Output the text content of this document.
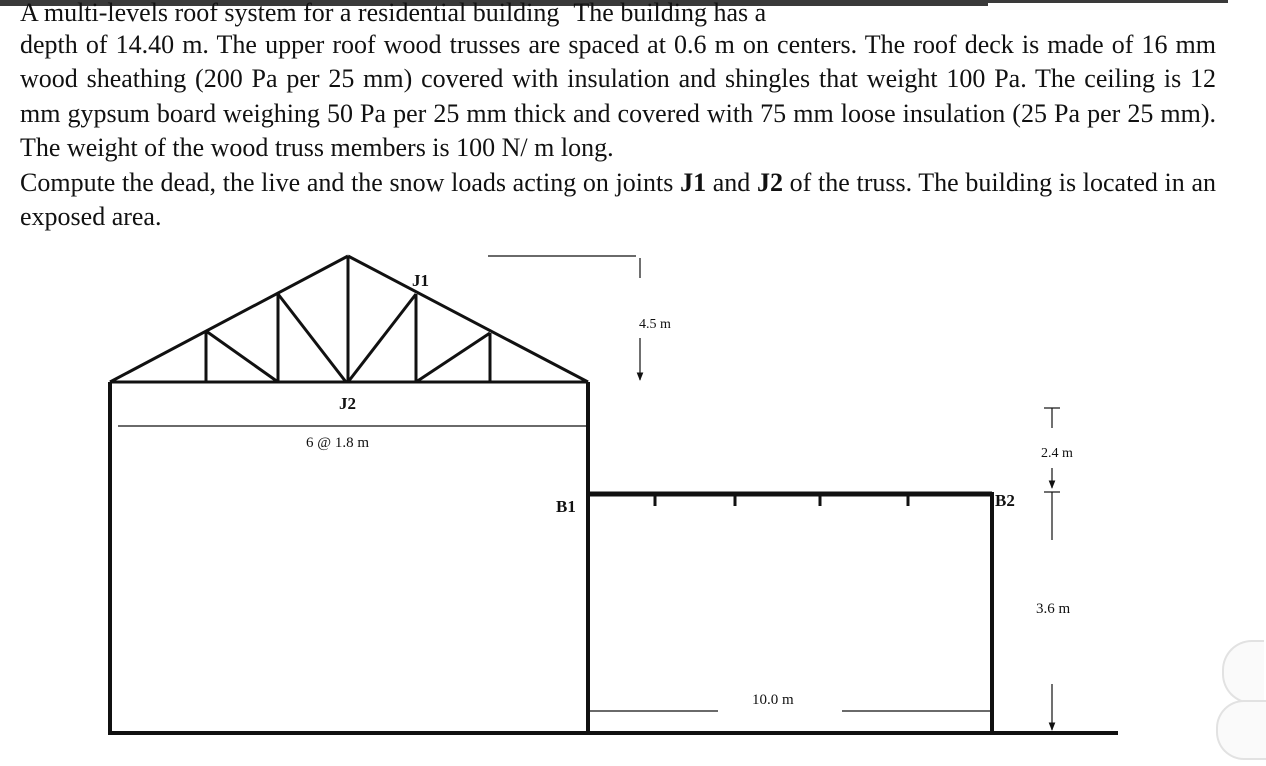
A multi-levels roof system for a residential building The building has a

depth of 14.40 m. The upper roof wood trusses are spaced at 0.6 m on centers. The roof deck is made of 16 mm wood sheathing (200 Pa per 25 mm) covered with insulation and shingles that weight 100 Pa. The ceiling is 12 mm gypsum board weighing 50 Pa per 25 mm thick and covered with 75 mm loose insulation (25 Pa per 25 mm). The weight of the wood truss members is 100 N/ m long.

Compute the dead, the live and the snow loads acting on joints J1 and J2 of the truss. The building is located in an exposed area.

J1
J2
B1	B2
6 @ 1.8 m
4.5 m
2.4 m
3.6 m
10.0 m
